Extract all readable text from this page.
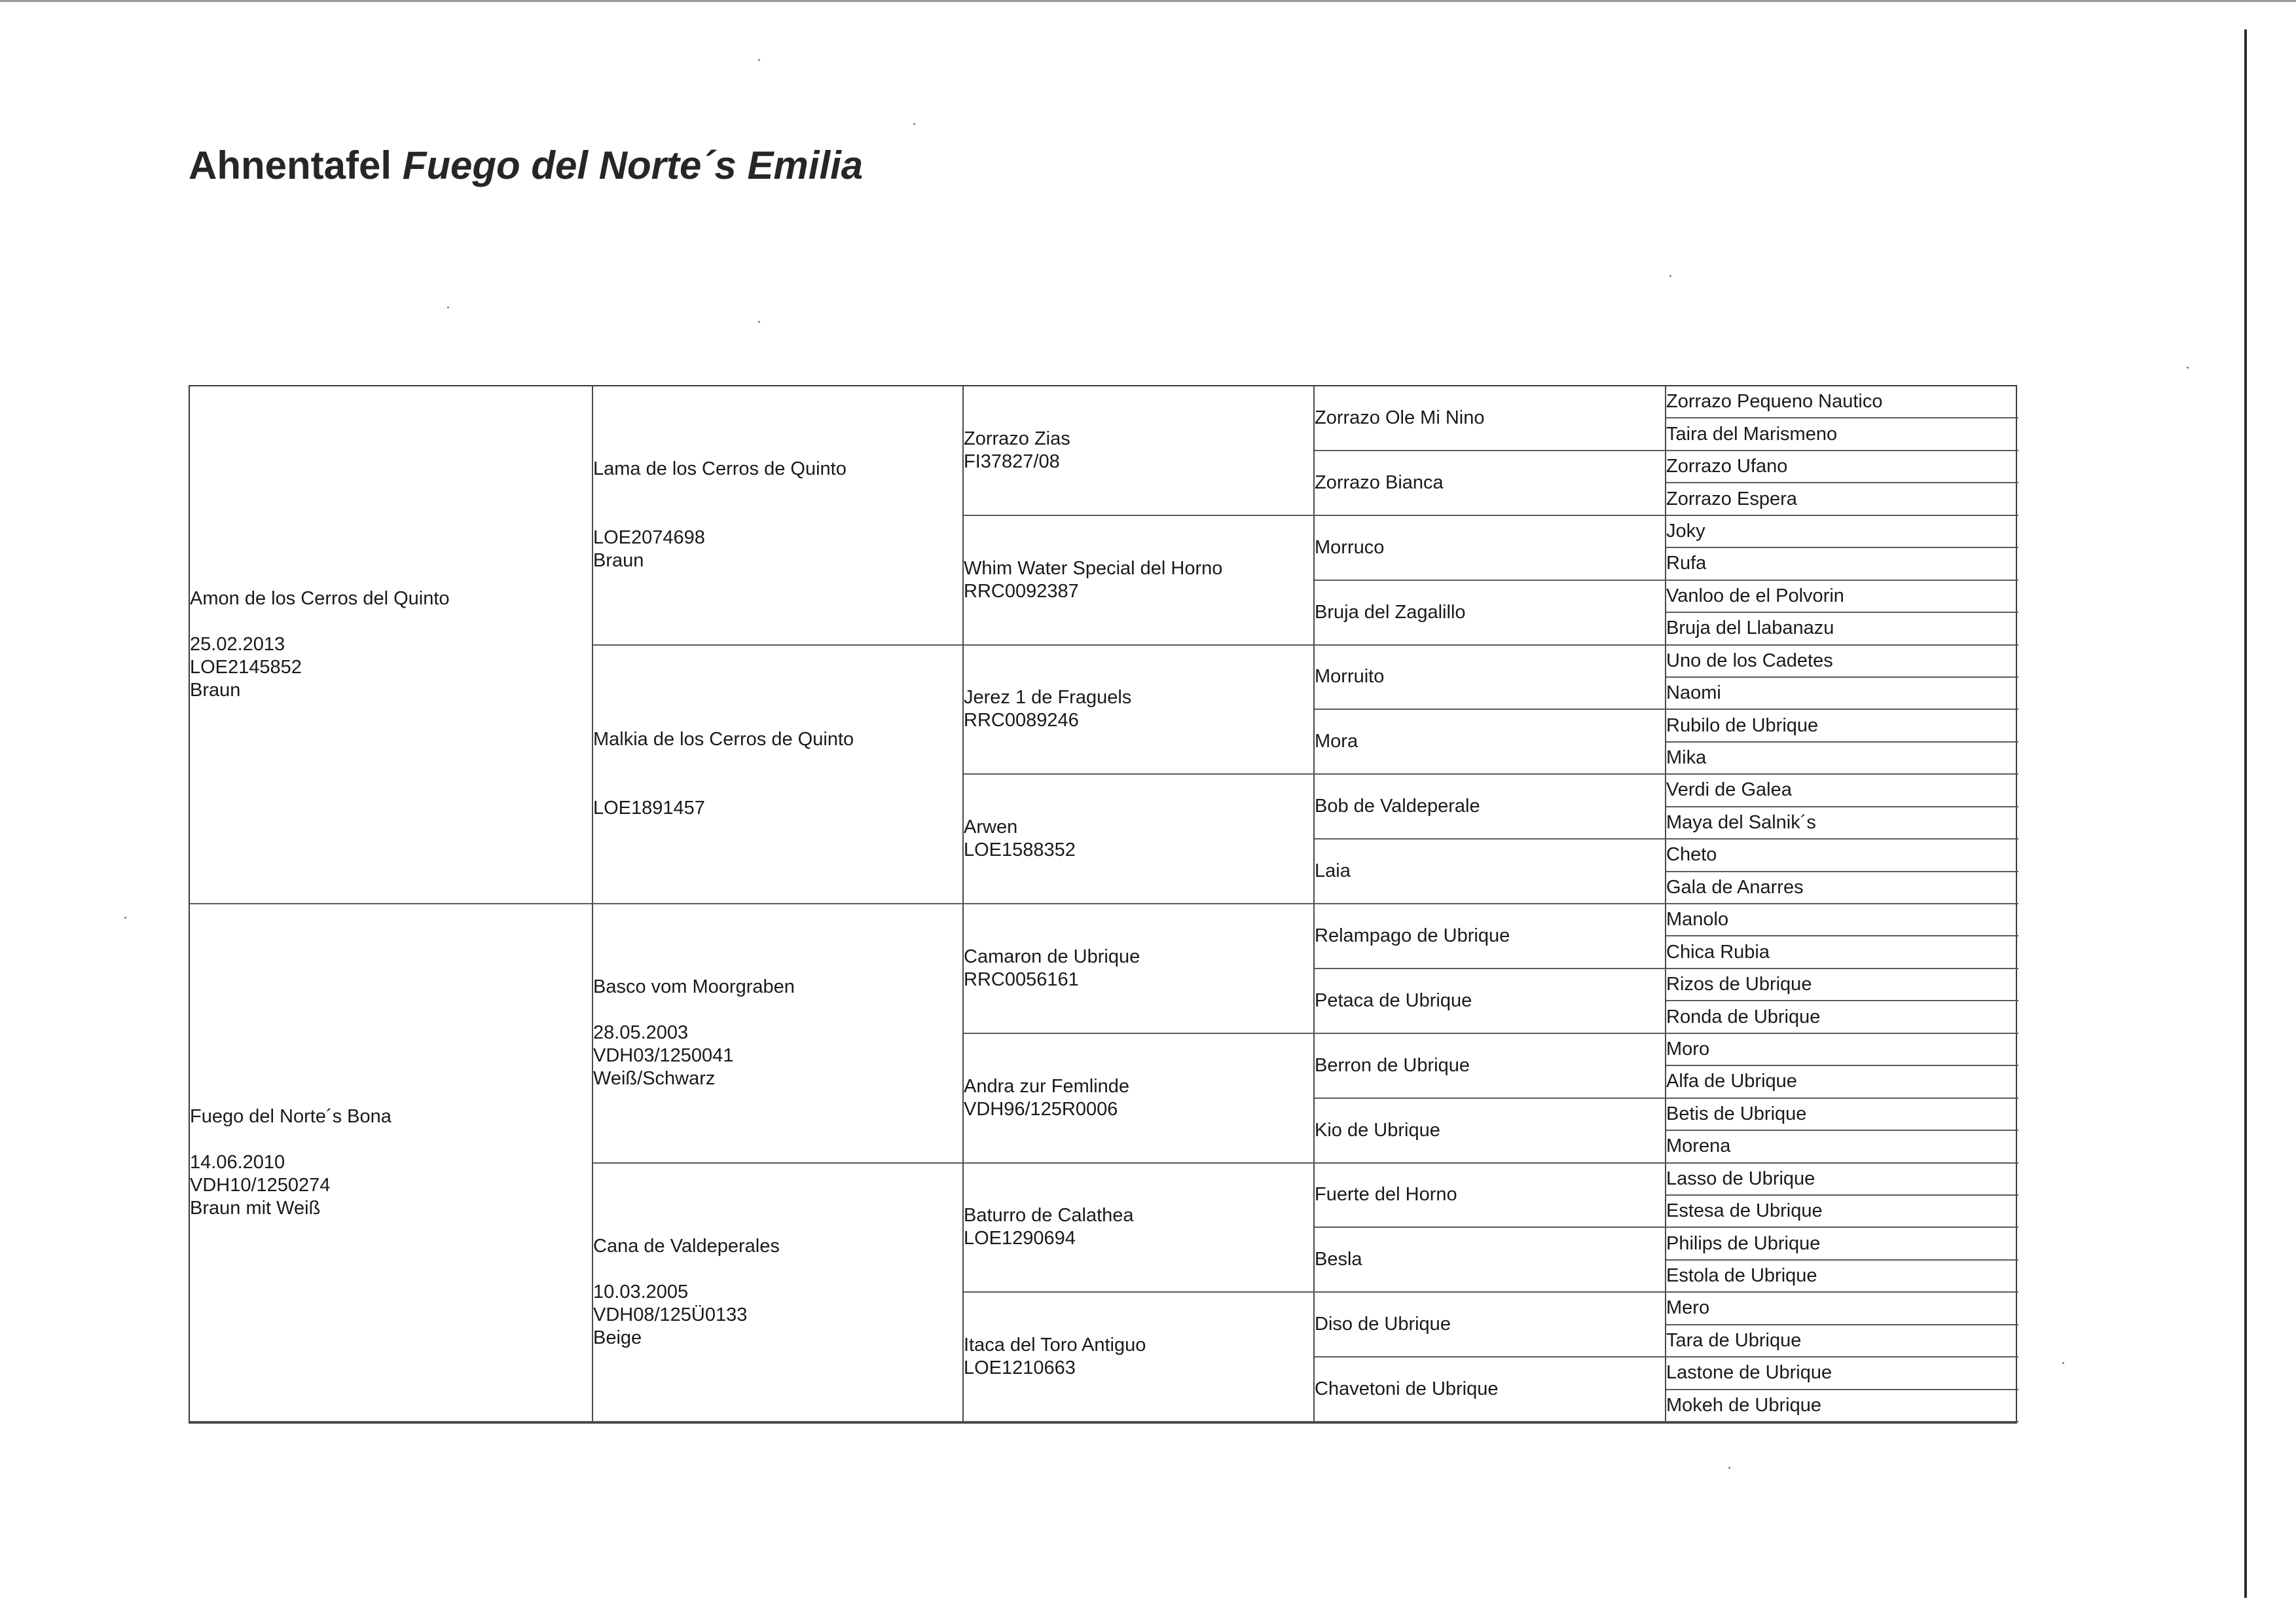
Ahnentafel Fuego del Norte´s Emilia
Amon de los Cerros del Quinto
25.02.2013
LOE2145852
Braun
Fuego del Norte´s Bona
14.06.2010
VDH10/1250274
Braun mit Weiß
Lama de los Cerros de Quinto
LOE2074698
Braun
Malkia de los Cerros de Quinto
LOE1891457
Basco vom Moorgraben
28.05.2003
VDH03/1250041
Weiß/Schwarz
Cana de Valdeperales
10.03.2005
VDH08/125Ü0133
Beige
Zorrazo Zias
FI37827/08
Whim Water Special del Horno
RRC0092387
Jerez 1 de Fraguels
RRC0089246
Arwen
LOE1588352
Camaron de Ubrique
RRC0056161
Andra zur Femlinde
VDH96/125R0006
Baturro de Calathea
LOE1290694
Itaca del Toro Antiguo
LOE1210663
Zorrazo Ole Mi Nino
Zorrazo Bianca
Morruco
Bruja del Zagalillo
Morruito
Mora
Bob de Valdeperale
Laia
Relampago de Ubrique
Petaca de Ubrique
Berron de Ubrique
Kio de Ubrique
Fuerte del Horno
Besla
Diso de Ubrique
Chavetoni de Ubrique
Zorrazo Pequeno Nautico
Taira del Marismeno
Zorrazo Ufano
Zorrazo Espera
Joky
Rufa
Vanloo de el Polvorin
Bruja del Llabanazu
Uno de los Cadetes
Naomi
Rubilo de Ubrique
Mika
Verdi de Galea
Maya del Salnik´s
Cheto
Gala de Anarres
Manolo
Chica Rubia
Rizos de Ubrique
Ronda de Ubrique
Moro
Alfa de Ubrique
Betis de Ubrique
Morena
Lasso de Ubrique
Estesa de Ubrique
Philips de Ubrique
Estola de Ubrique
Mero
Tara de Ubrique
Lastone de Ubrique
Mokeh de Ubrique
